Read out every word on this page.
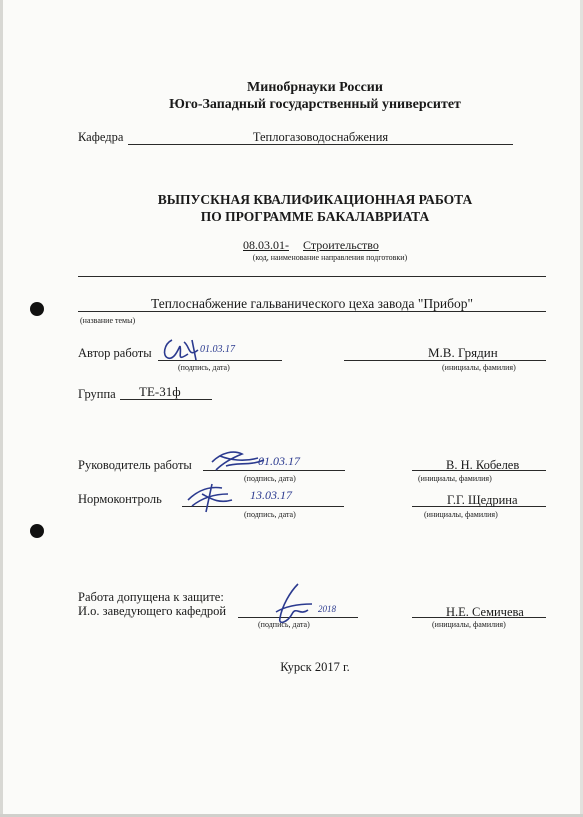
Минобрнауки России
Юго-Западный государственный университет
Кафедра	Теплогазоводоснабжения
ВЫПУСКНАЯ КВАЛИФИКАЦИОННАЯ РАБОТА
ПО ПРОГРАММЕ БАКАЛАВРИАТА
08.03.01- Строительство
(код, наименование направления подготовки)
Теплоснабжение гальванического цеха завода "Прибор"
(название темы)
Автор работы	01.03.17
(подпись, дата)
М.В. Грядин
(инициалы, фамилия)
Группа ТЕ-31ф
Руководитель работы	01.03.17
(подпись, дата)
В. Н. Кобелев
(инициалы, фамилия)
Нормоконтроль	13.03.17
(подпись, дата)
Г.Г. Щедрина
(инициалы, фамилия)
Работа допущена к защите:
И.о. заведующего кафедрой	2018
(подпись, дата)
Н.Е. Семичева
(инициалы, фамилия)
Курск 2017 г.
